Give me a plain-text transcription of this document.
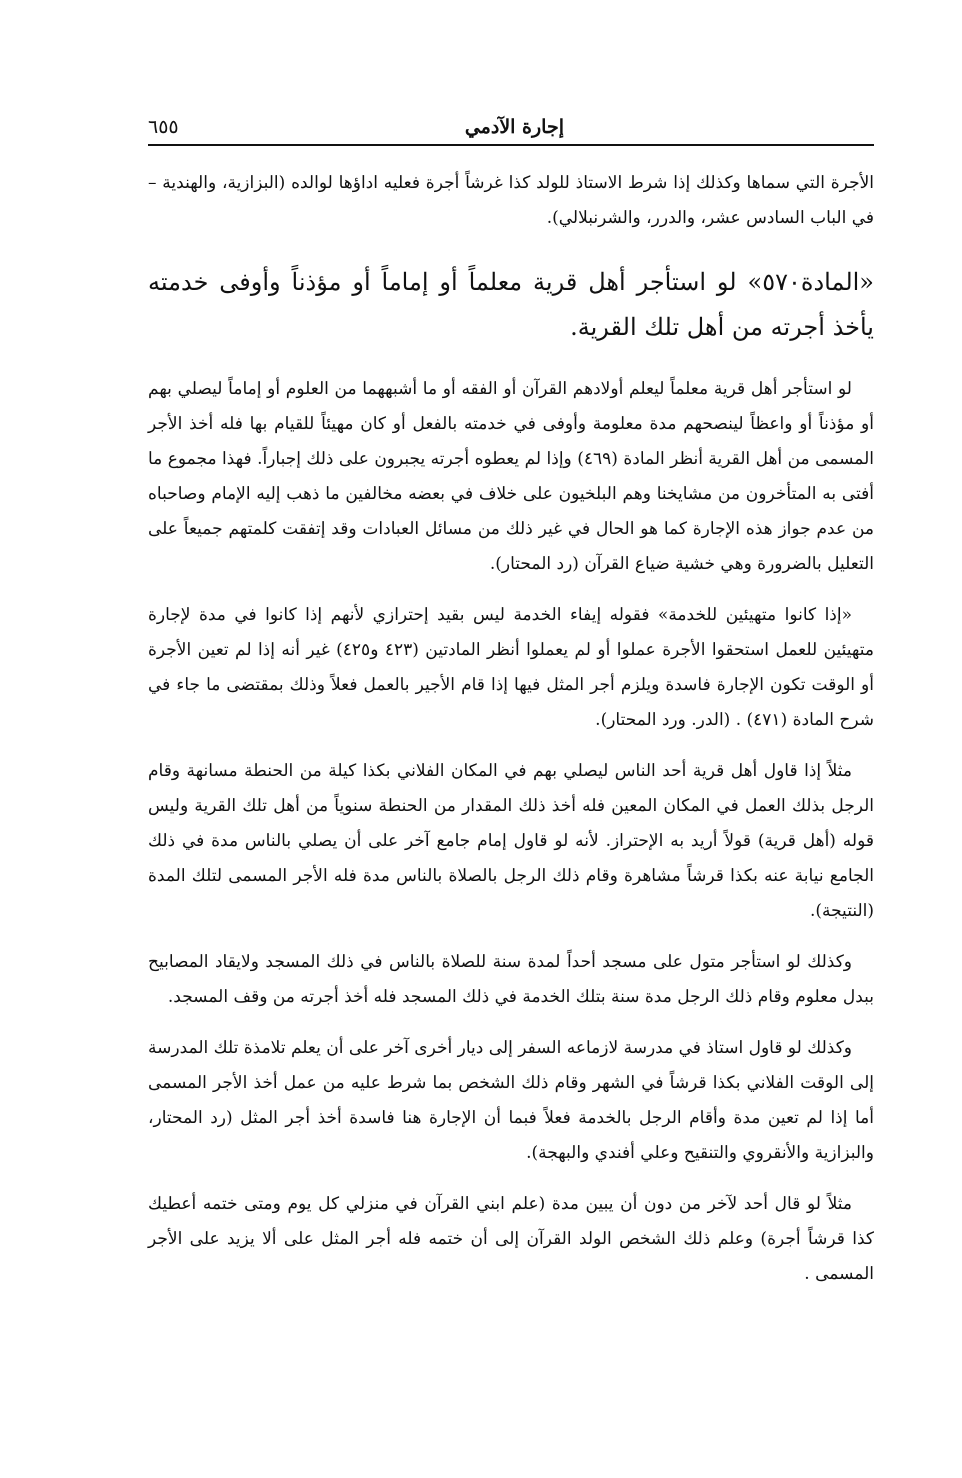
إجارة الآدمي
٦٥٥

الأجرة التي سماها وكذلك إذا شرط الاستاذ للولد كذا غرشاً أجرة فعليه اداؤها لوالده (البزازية، والهندية – في الباب السادس عشر، والدرر، والشرنبلالي).

«المادة٥٧٠» لو استأجر أهل قرية معلماً أو إماماً أو مؤذناً وأوفى خدمته يأخذ أجرته من أهل تلك القرية.

لو استأجر أهل قرية معلماً ليعلم أولادهم القرآن أو الفقه أو ما أشبههما من العلوم أو إماماً ليصلي بهم أو مؤذناً أو واعظاً لينصحهم مدة معلومة وأوفى في خدمته بالفعل أو كان مهيئاً للقيام بها فله أخذ الأجر المسمى من أهل القرية أنظر المادة (٤٦٩) وإذا لم يعطوه أجرته يجبرون على ذلك إجباراً. فهذا مجموع ما أفتى به المتأخرون من مشايخنا وهم البلخيون على خلاف في بعضه مخالفين ما ذهب إليه الإمام وصاحباه من عدم جواز هذه الإجارة كما هو الحال في غير ذلك من مسائل العبادات وقد إتفقت كلمتهم جميعاً على التعليل بالضرورة وهي خشية ضياع القرآن (رد المحتار).

«إذا كانوا متهيئين للخدمة» فقوله إيفاء الخدمة ليس بقيد إحترازي لأنهم إذا كانوا في مدة لإجارة متهيئين للعمل استحقوا الأجرة عملوا أو لم يعملوا أنظر المادتين (٤٢٣ و٤٢٥) غير أنه إذا لم تعين الأجرة أو الوقت تكون الإجارة فاسدة ويلزم أجر المثل فيها إذا قام الأجير بالعمل فعلاً وذلك بمقتضى ما جاء في شرح المادة (٤٧١) . (الدر. ورد المحتار).

مثلاً إذا قاول أهل قرية أحد الناس ليصلي بهم في المكان الفلاني بكذا كيلة من الحنطة مسانهة وقام الرجل بذلك العمل في المكان المعين فله أخذ ذلك المقدار من الحنطة سنوياً من أهل تلك القرية وليس قوله (أهل قرية) قولاً أريد به الإحتراز. لأنه لو قاول إمام جامع آخر على أن يصلي بالناس مدة في ذلك الجامع نيابة عنه بكذا قرشاً مشاهرة وقام ذلك الرجل بالصلاة بالناس مدة فله الأجر المسمى لتلك المدة (النتيجة).

وكذلك لو استأجر متول على مسجد أحداً لمدة سنة للصلاة بالناس في ذلك المسجد ولايقاد المصابيح ببدل معلوم وقام ذلك الرجل مدة سنة بتلك الخدمة في ذلك المسجد فله أخذ أجرته من وقف المسجد.

وكذلك لو قاول استاذ في مدرسة لازماعه السفر إلى ديار أخرى آخر على أن يعلم تلامذة تلك المدرسة إلى الوقت الفلاني بكذا قرشاً في الشهر وقام ذلك الشخص بما شرط عليه من عمل أخذ الأجر المسمى أما إذا لم تعين مدة وأقام الرجل بالخدمة فعلاً فبما أن الإجارة هنا فاسدة أخذ أجر المثل (رد المحتار، والبزازية والأنقروي والتنقيح وعلي أفندي والبهجة).

مثلاً لو قال أحد لآخر من دون أن يبين مدة (علم ابني القرآن في منزلي كل يوم ومتى ختمه أعطيك كذا قرشاً أجرة) وعلم ذلك الشخص الولد القرآن إلى أن ختمه فله أجر المثل على ألا يزيد على الأجر المسمى .
